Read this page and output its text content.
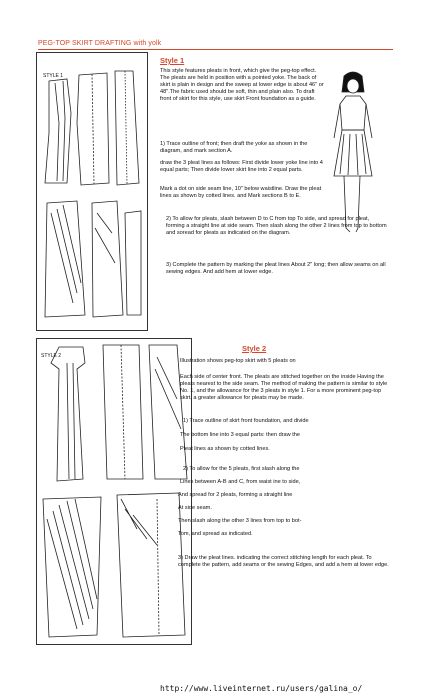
PEG-TOP SKIRT DRAFTING with yolk
STYLE 1
Style 1

This style features pleats in front, which give the peg-top effect. The pleats are held in position with a pointed yoke. The back of skirt is plain in design and the sweep at lower edge is about 46" or 48".The fabric used should be soft, thin and plain also. To draft front of skirt for this style, use skirt Front foundation as a guide.

1) Trace outline of front; then draft the yoke as shown in the diagram, and mark section A.

draw the 3 pleat lines as follows: First divide lower yoke line into 4 equal parts; Then divide lower skirt line into 2 equal parts.

Mark a dot on side seam line, 10" below waistline. Draw the pleat lines as shown by cotted lines. and Mark sections B to E.

2) To allow for pleats, slash between D to C from top To side, and spread for pleat, forming a straight line at side seam. Then slash along the other 2 lines from top to bottom and soread for pleats as indicated on the diagram.

3) Complete the pattern by marking the pleat lines About 2" long; then allow seams on all sewing edges. And add hem at lower edge.

STYLE 2
Style 2

Illustration shows peg-top skirt with 5 pleats on

Each side of center front. The pleats are stitched together on the inside Having the pleats nearest to the side seam. The method of making the pattern is similar to style No. 1, and the allowance for the 3 pleats in style 1. For a more prominent peg-top skirt, a greater allowance for pleats may be made.

1) Trace outline of skirt front foundation, and divide

The bottom line into 3 equal parts: then draw the

Pleat lines as shown by cotted lines.

2) To allow for the 5 pleats, first slash along the

Lines between A-B and C, from waist ine to side,

And spread for 2 pleats, forming a straight line

At side seam.

Then slash along the other 3 lines from top to bot-

Tom, and spread as indicated.

3) Draw the pleat lines. indicating the correct stitching length for each pleat. To complete the pattern, add seams or the sewing Edges, and add a hem at lower edge.

http://www.liveinternet.ru/users/galina_o/
